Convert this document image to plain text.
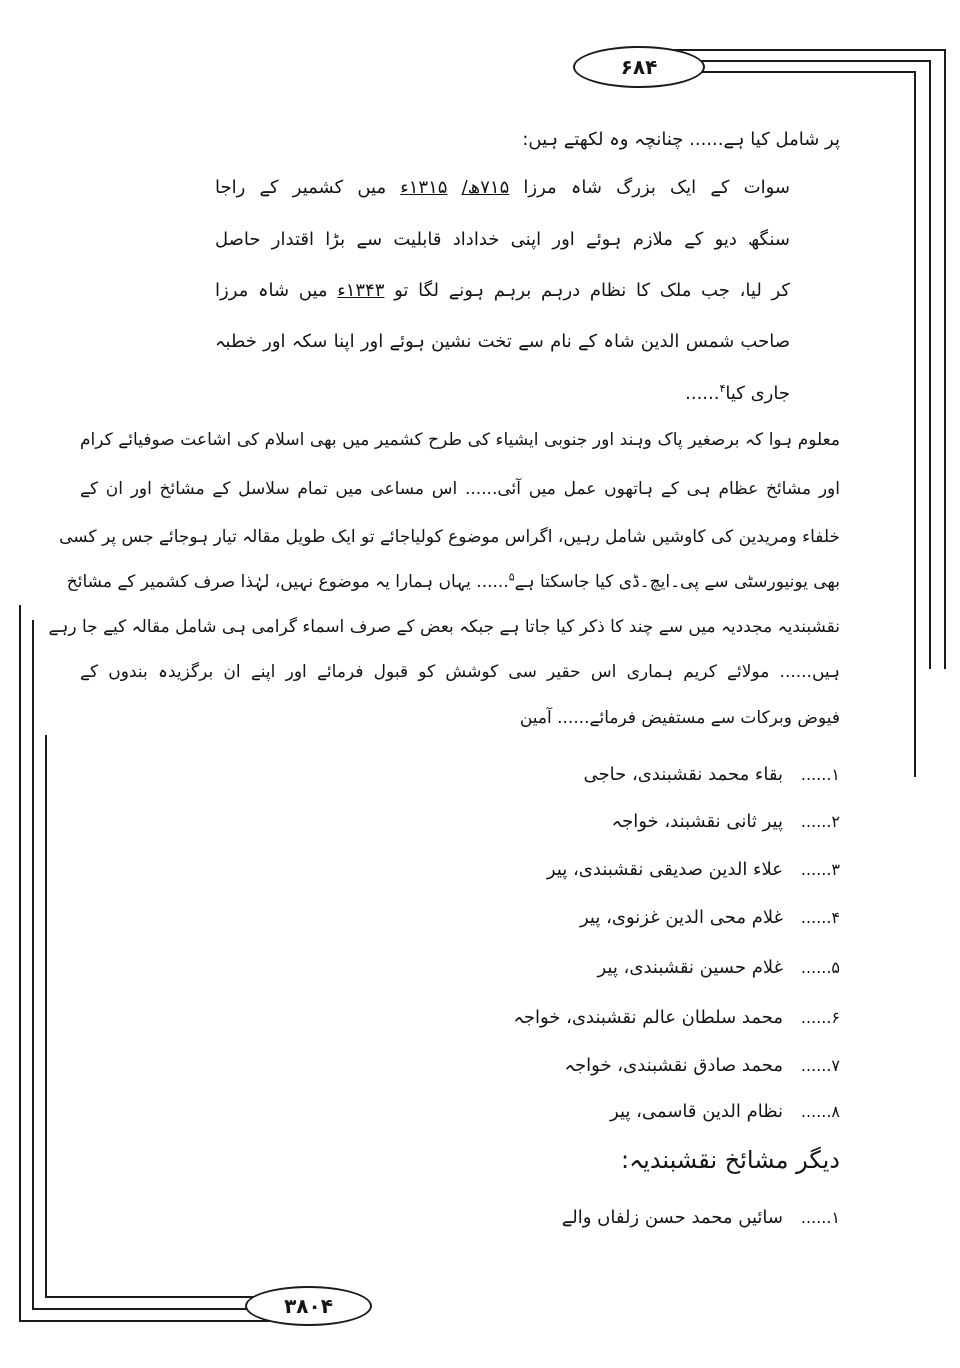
۶۸۴
۳۸۰۴
پر شامل کیا ہے...... چنانچہ وہ لکھتے ہیں:
سوات کے ایک بزرگ شاہ مرزا ۷۱۵ھ/ ۱۳۱۵ء میں کشمیر کے راجا
سنگھ دیو کے ملازم ہوئے اور اپنی خداداد قابلیت سے بڑا اقتدار حاصل
کر لیا، جب ملک کا نظام درہم برہم ہونے لگا تو ۱۳۴۳ء میں شاہ مرزا
صاحب شمس الدین شاہ کے نام سے تخت نشین ہوئے اور اپنا سکہ اور خطبہ
جاری کیا$^۴$......
معلوم ہوا کہ برصغیر پاک وہند اور جنوبی ایشیاء کی طرح کشمیر میں بھی اسلام کی اشاعت صوفیائے کرام
اور مشائخ عظام ہی کے ہاتھوں عمل میں آئی...... اس مساعی میں تمام سلاسل کے مشائخ اور ان کے
خلفاء ومریدین کی کاوشیں شامل رہیں، اگراس موضوع کولیاجائے تو ایک طویل مقالہ تیار ہوجائے جس پر کسی
بھی یونیورسٹی سے پی۔ایچ۔ڈی کیا جاسکتا ہے$^۵$...... یہاں ہمارا یہ موضوع نہیں، لہٰذا صرف کشمیر کے مشائخ
نقشبندیہ مجددیہ میں سے چند کا ذکر کیا جاتا ہے جبکہ بعض کے صرف اسماء گرامی ہی شامل مقالہ کیے جا رہے
ہیں...... مولائے کریم ہماری اس حقیر سی کوشش کو قبول فرمائے اور اپنے ان برگزیدہ بندوں کے
فیوض وبرکات سے مستفیض فرمائے...... آمین
۱......
بقاء محمد نقشبندی، حاجی
۲......
پیر ثانی نقشبند، خواجہ
۳......
علاء الدین صدیقی نقشبندی، پیر
۴......
غلام محی الدین غزنوی، پیر
۵......
غلام حسین نقشبندی، پیر
۶......
محمد سلطان عالم نقشبندی، خواجہ
۷......
محمد صادق نقشبندی، خواجہ
۸......
نظام الدین قاسمی، پیر
دیگر مشائخ نقشبندیہ:
۱......
سائیں محمد حسن زلفاں والے
